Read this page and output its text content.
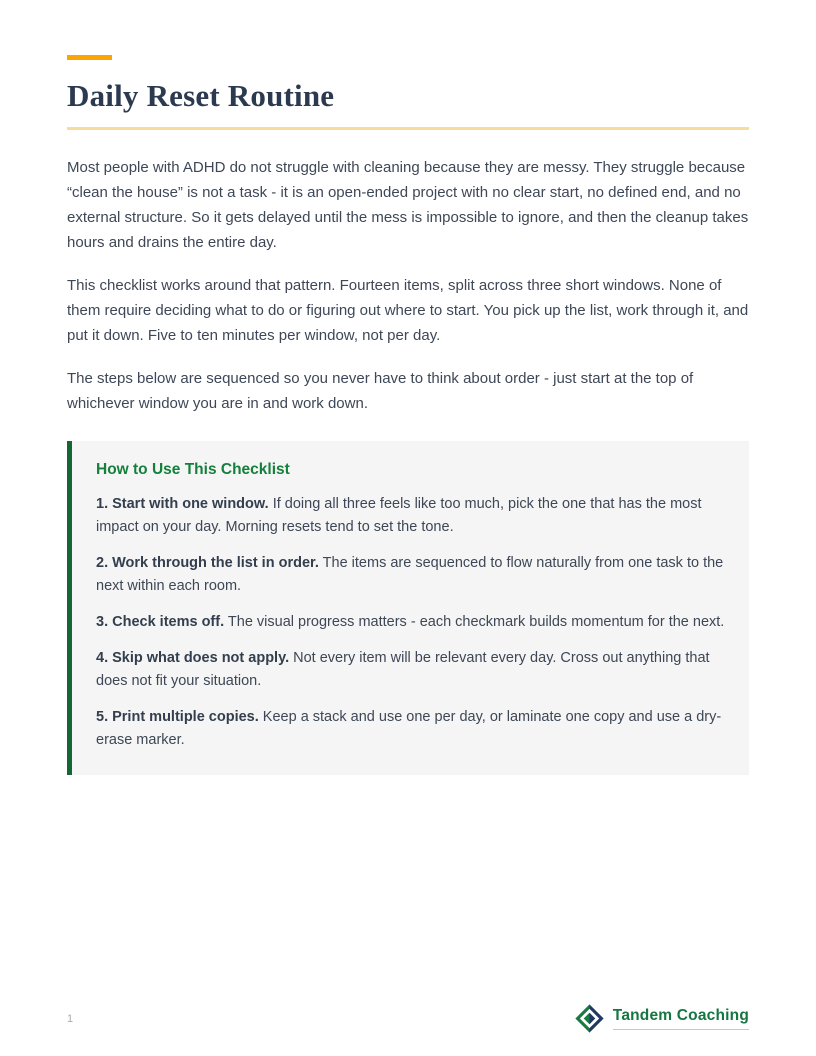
Daily Reset Routine

Most people with ADHD do not struggle with cleaning because they are messy. They struggle because “clean the house” is not a task - it is an open-ended project with no clear start, no defined end, and no external structure. So it gets delayed until the mess is impossible to ignore, and then the cleanup takes hours and drains the entire day.

This checklist works around that pattern. Fourteen items, split across three short windows. None of them require deciding what to do or figuring out where to start. You pick up the list, work through it, and put it down. Five to ten minutes per window, not per day.

The steps below are sequenced so you never have to think about order - just start at the top of whichever window you are in and work down.

How to Use This Checklist

1. Start with one window. If doing all three feels like too much, pick the one that has the most impact on your day. Morning resets tend to set the tone.

2. Work through the list in order. The items are sequenced to flow naturally from one task to the next within each room.

3. Check items off. The visual progress matters - each checkmark builds momentum for the next.

4. Skip what does not apply. Not every item will be relevant every day. Cross out anything that does not fit your situation.

5. Print multiple copies. Keep a stack and use one per day, or laminate one copy and use a dry-erase marker.

1	Tandem Coaching
